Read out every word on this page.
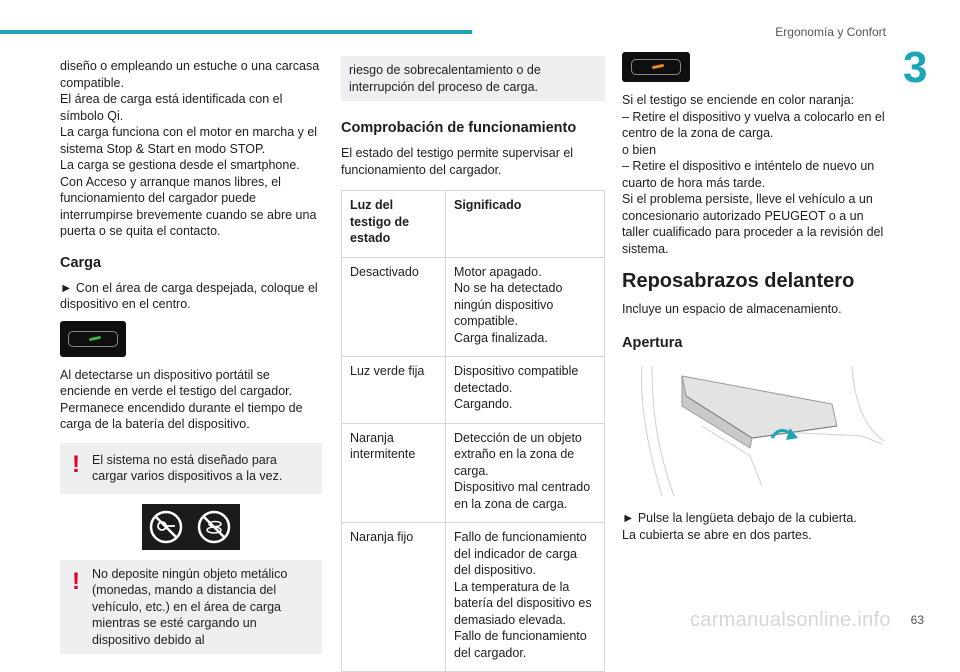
Ergonomía y Confort
3

diseño o empleando un estuche o una carcasa compatible.

El área de carga está identificada con el símbolo Qi.

La carga funciona con el motor en marcha y el sistema Stop & Start en modo STOP.

La carga se gestiona desde el smartphone.

Con Acceso y arranque manos libres, el funcionamiento del cargador puede interrumpirse brevemente cuando se abre una puerta o se quita el contacto.

Carga

► Con el área de carga despejada, coloque el dispositivo en el centro.

Al detectarse un dispositivo portátil se enciende en verde el testigo del cargador. Permanece encendido durante el tiempo de carga de la batería del dispositivo.

! El sistema no está diseñado para cargar varios dispositivos a la vez.

! No deposite ningún objeto metálico (monedas, mando a distancia del vehículo, etc.) en el área de carga mientras se esté cargando un dispositivo debido al

riesgo de sobrecalentamiento o de interrupción del proceso de carga.

Comprobación de funcionamiento

El estado del testigo permite supervisar el funcionamiento del cargador.

Luz del testigo de estado	Significado
Desactivado	Motor apagado.
No se ha detectado ningún dispositivo compatible.
Carga finalizada.

Luz verde fija	Dispositivo compatible detectado.
Cargando.

Naranja intermitente	Detección de un objeto extraño en la zona de carga.
Dispositivo mal centrado en la zona de carga.

Naranja fijo	Fallo de funcionamiento del indicador de carga del dispositivo.
La temperatura de la batería del dispositivo es demasiado elevada.
Fallo de funcionamiento del cargador.

Si el testigo se enciende en color naranja:

– Retire el dispositivo y vuelva a colocarlo en el centro de la zona de carga.

o bien

– Retire el dispositivo e inténtelo de nuevo un cuarto de hora más tarde.

Si el problema persiste, lleve el vehículo a un concesionario autorizado PEUGEOT o a un taller cualificado para proceder a la revisión del sistema.

Reposabrazos delantero

Incluye un espacio de almacenamiento.

Apertura

► Pulse la lengüeta debajo de la cubierta.

La cubierta se abre en dos partes.

carmanualsonline.info 63
